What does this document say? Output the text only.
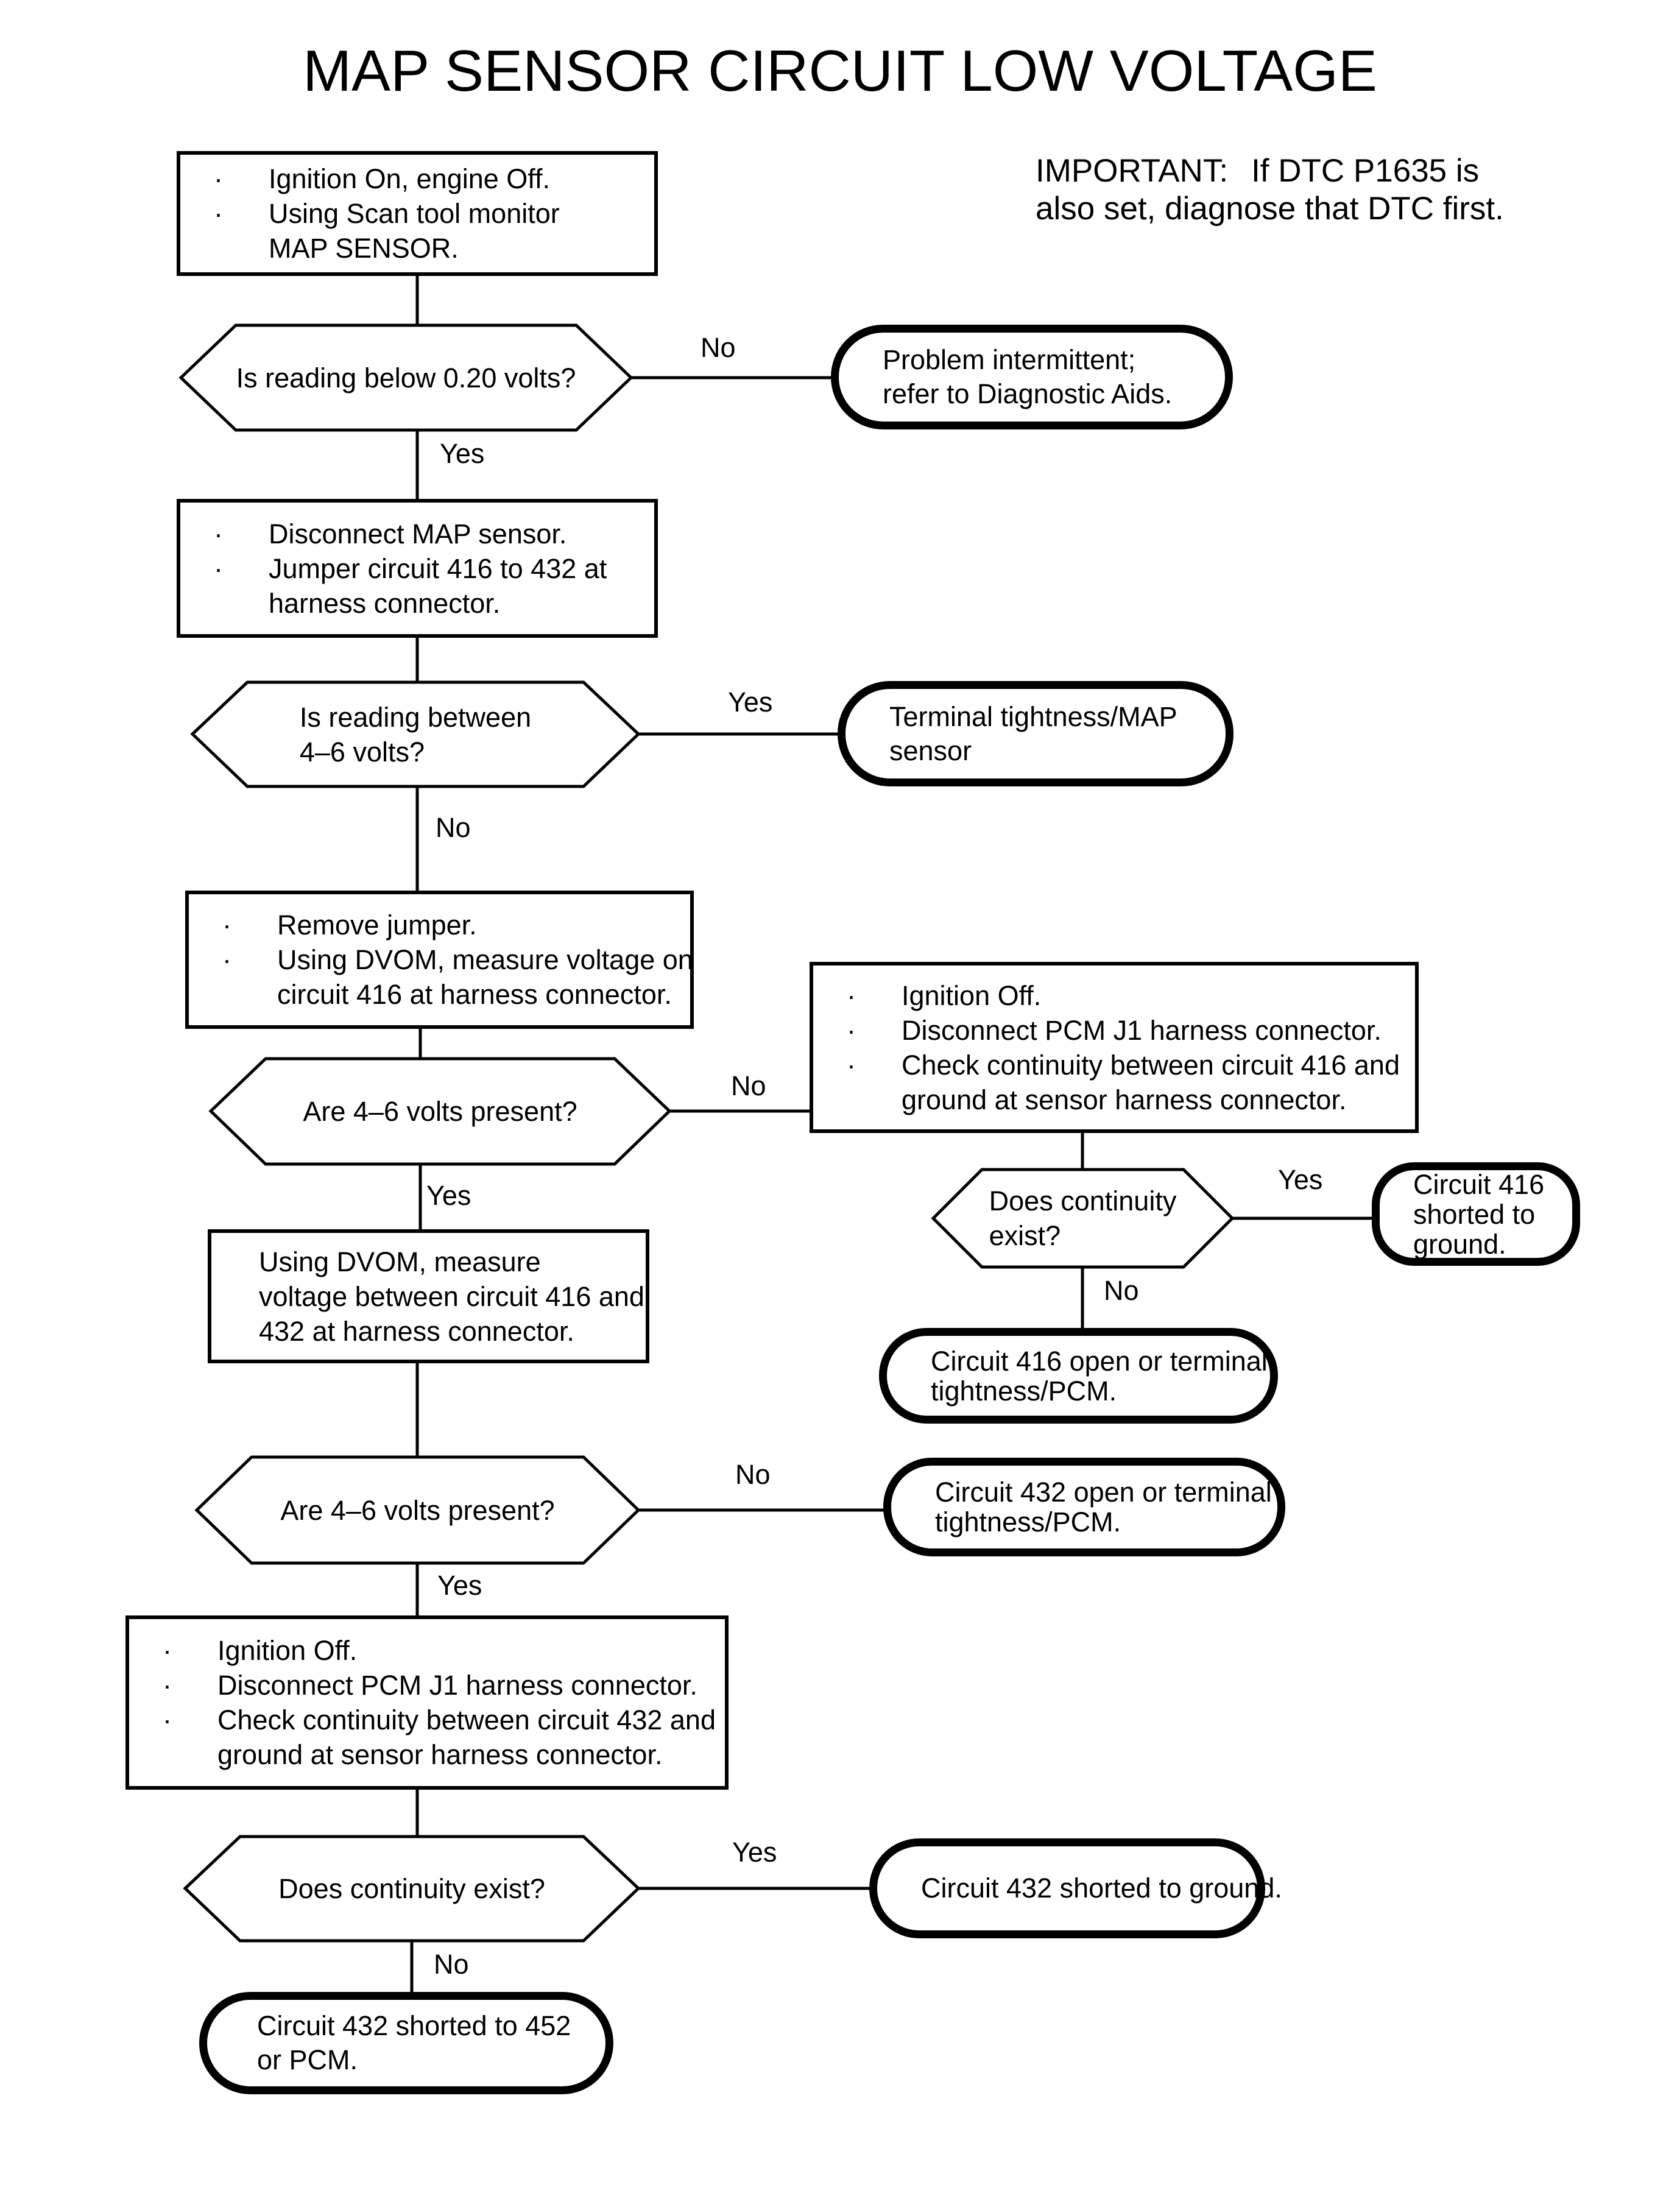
MAP SENSOR CIRCUIT LOW VOLTAGE
IMPORTANT: If DTC P1635 is also set, diagnose that DTC first.
·	Ignition On, engine Off.
·	Using Scan tool monitor
MAP SENSOR.
·	Disconnect MAP sensor.
·	Jumper circuit 416 to 432 at
harness connector.
·	Remove jumper.
·	Using DVOM, measure voltage on
circuit 416 at harness connector.	·	Ignition Off.
·	Disconnect PCM J1 harness connector.
·	Check continuity between circuit 416 and
ground at sensor harness connector.
Using DVOM, measure
voltage between circuit 416 and
432 at harness connector.
·	Ignition Off.
·	Disconnect PCM J1 harness connector.
·	Check continuity between circuit 432 and
ground at sensor harness connector.
Problem intermittent;
refer to Diagnostic Aids.
Terminal tightness/MAP
sensor
Circuit 416
shorted to
ground.
Circuit 416 open or terminal
tightness/PCM.
Circuit 432 open or terminal
tightness/PCM.
Circuit 432 shorted to ground.
Circuit 432 shorted to 452
or PCM.
Is reading below 0.20 volts?
Is reading between
4–6 volts?
Are 4–6 volts present?
Does continuity
exist?
Are 4–6 volts present?
Does continuity exist?
No
Yes
Yes
No
No
Yes
Yes
No
No
Yes
Yes
No
